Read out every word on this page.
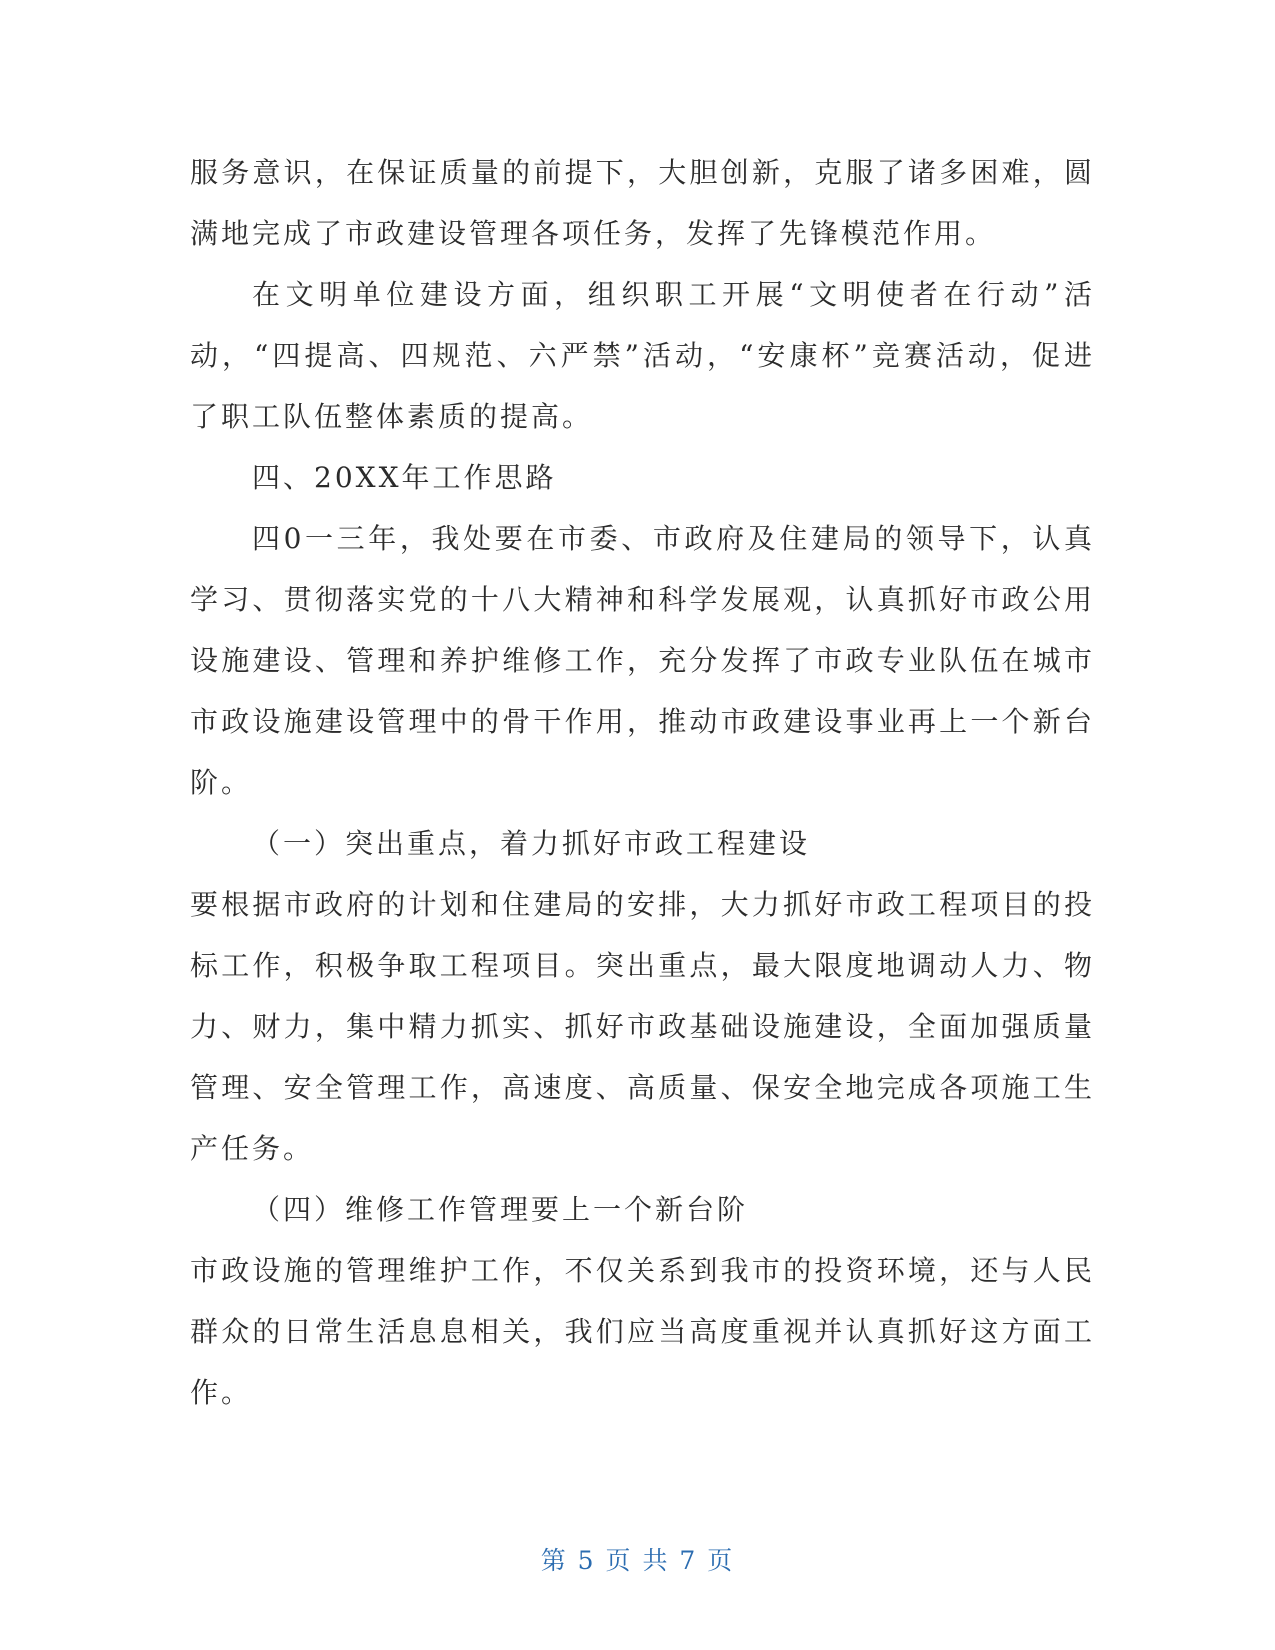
服务意识，在保证质量的前提下，大胆创新，克服了诸多困难，圆满地完成了市政建设管理各项任务，发挥了先锋模范作用。

在文明单位建设方面，组织职工开展“文明使者在行动”活动，“四提高、四规范、六严禁”活动，“安康杯”竞赛活动，促进了职工队伍整体素质的提高。

四、20XX年工作思路

四0一三年，我处要在市委、市政府及住建局的领导下，认真学习、贯彻落实党的十八大精神和科学发展观，认真抓好市政公用设施建设、管理和养护维修工作，充分发挥了市政专业队伍在城市市政设施建设管理中的骨干作用，推动市政建设事业再上一个新台阶。

（一）突出重点，着力抓好市政工程建设

要根据市政府的计划和住建局的安排，大力抓好市政工程项目的投标工作，积极争取工程项目。突出重点，最大限度地调动人力、物力、财力，集中精力抓实、抓好市政基础设施建设，全面加强质量管理、安全管理工作，高速度、高质量、保安全地完成各项施工生产任务。

（四）维修工作管理要上一个新台阶

市政设施的管理维护工作，不仅关系到我市的投资环境，还与人民群众的日常生活息息相关，我们应当高度重视并认真抓好这方面工作。

第 5 页 共 7 页
